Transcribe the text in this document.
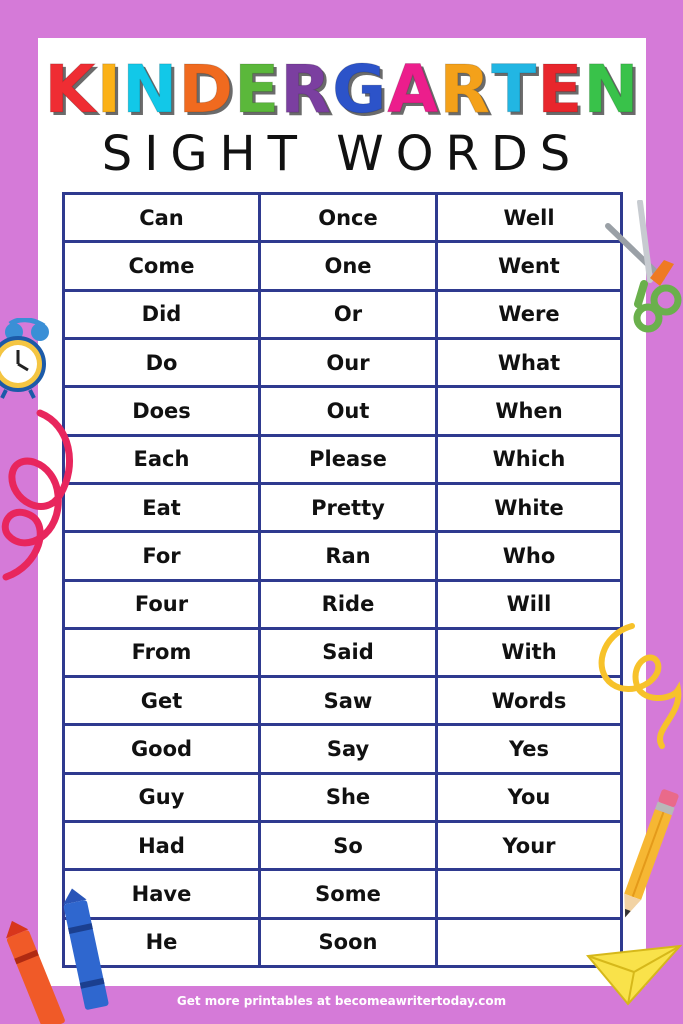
KINDERGARTEN
SIGHT WORDS
Can	Once	Well
Come	One	Went
Did	Or	Were
Do	Our	What
Does	Out	When
Each	Please	Which
Eat	Pretty	White
For	Ran	Who
Four	Ride	Will
From	Said	With
Get	Saw	Words
Good	Say	Yes
Guy	She	You
Had	So	Your
Have	Some	
He	Soon	
Get more printables at becomeawritertoday.com
